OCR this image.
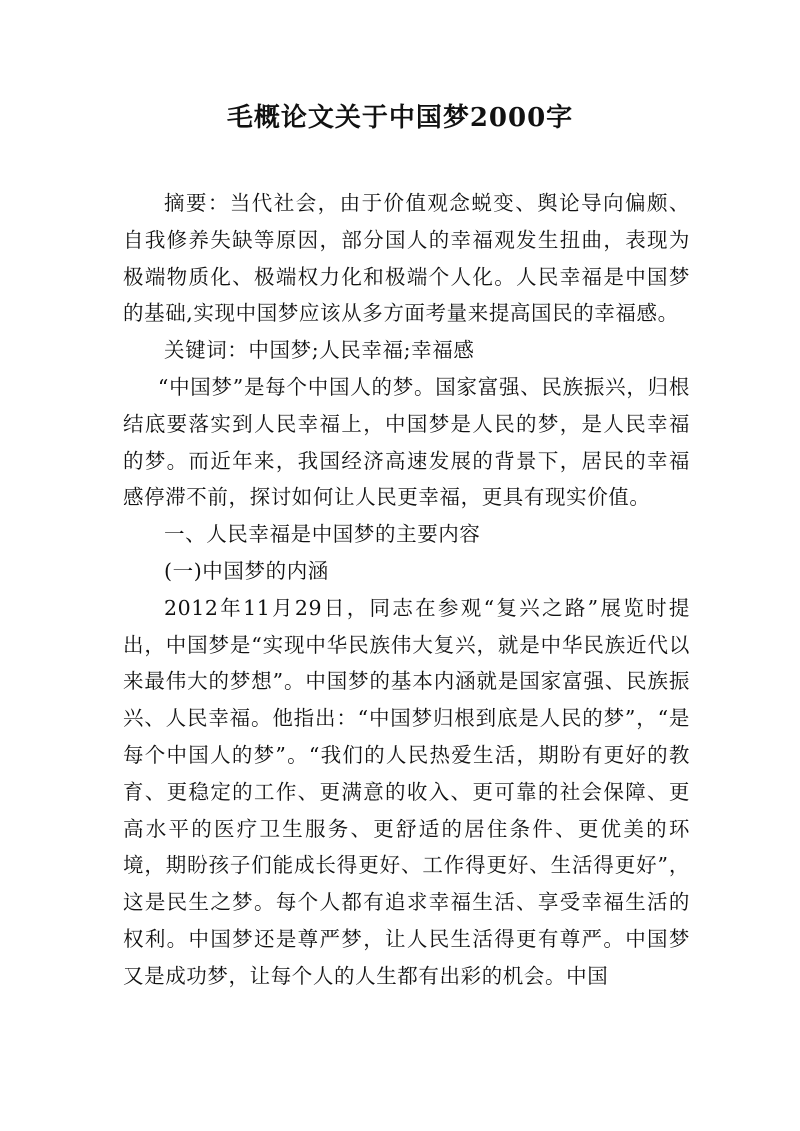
毛概论文关于中国梦2000字

摘要：当代社会，由于价值观念蜕变、舆论导向偏颇、自我修养失缺等原因，部分国人的幸福观发生扭曲，表现为极端物质化、极端权力化和极端个人化。人民幸福是中国梦的基础,实现中国梦应该从多方面考量来提高国民的幸福感。

关键词：中国梦;人民幸福;幸福感

“中国梦”是每个中国人的梦。国家富强、民族振兴，归根结底要落实到人民幸福上，中国梦是人民的梦，是人民幸福的梦。而近年来，我国经济高速发展的背景下，居民的幸福感停滞不前，探讨如何让人民更幸福，更具有现实价值。

一、人民幸福是中国梦的主要内容

(一)中国梦的内涵

2012年11月29日，同志在参观“复兴之路”展览时提出，中国梦是“实现中华民族伟大复兴，就是中华民族近代以来最伟大的梦想”。中国梦的基本内涵就是国家富强、民族振兴、人民幸福。他指出：“中国梦归根到底是人民的梦”，“是每个中国人的梦”。“我们的人民热爱生活，期盼有更好的教育、更稳定的工作、更满意的收入、更可靠的社会保障、更高水平的医疗卫生服务、更舒适的居住条件、更优美的环境，期盼孩子们能成长得更好、工作得更好、生活得更好”，这是民生之梦。每个人都有追求幸福生活、享受幸福生活的权利。中国梦还是尊严梦，让人民生活得更有尊严。中国梦又是成功梦，让每个人的人生都有出彩的机会。中国
